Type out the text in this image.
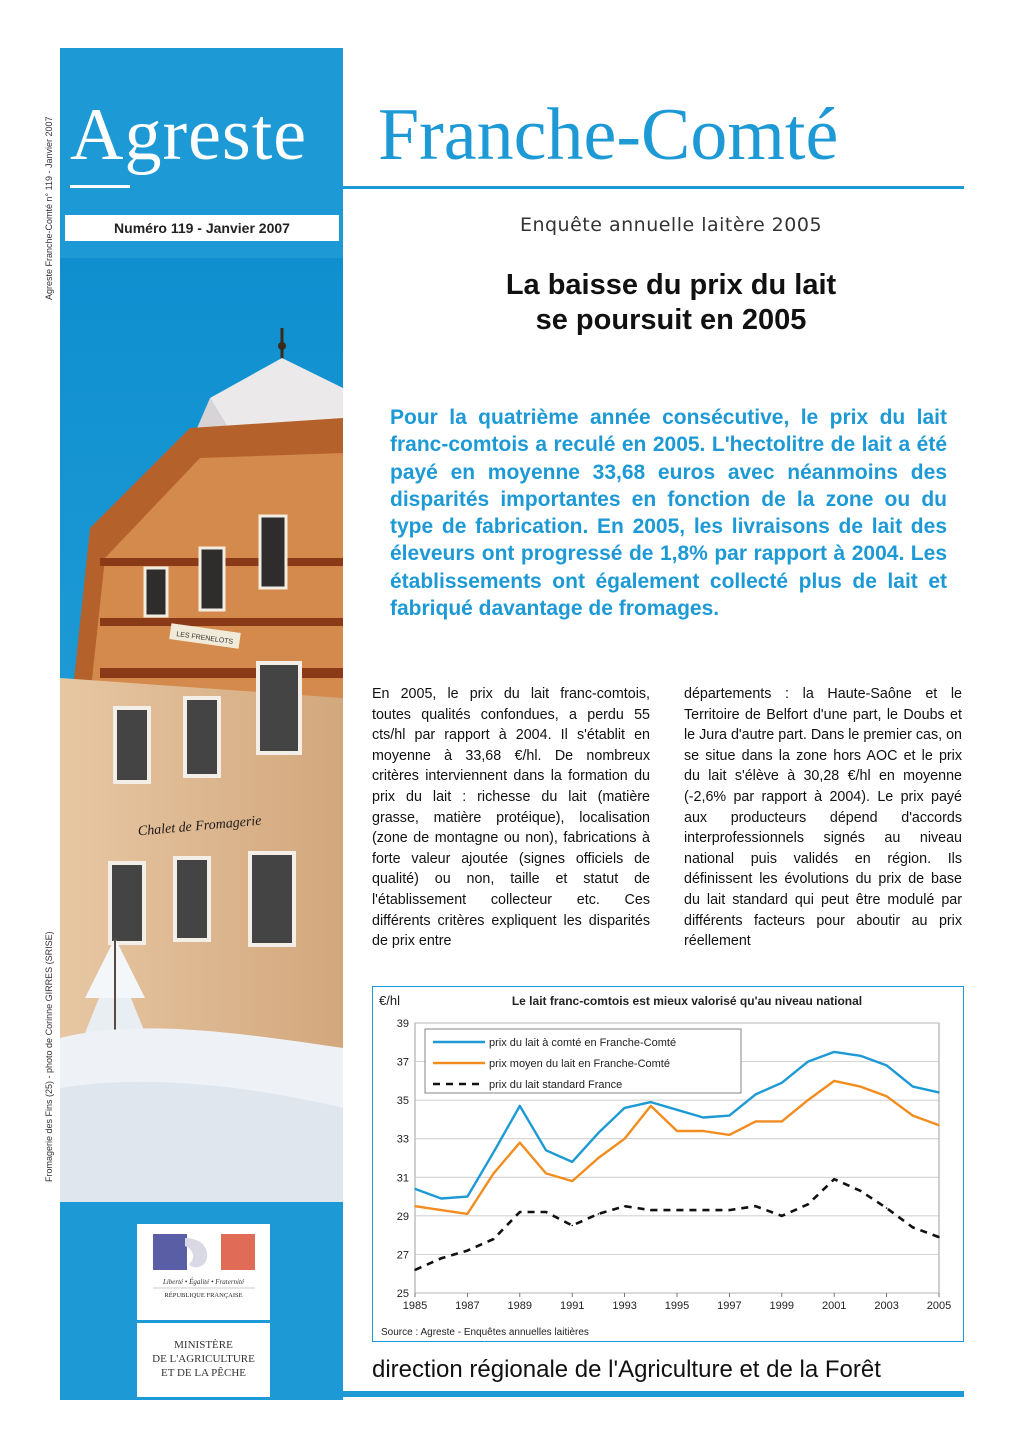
Agreste Franche-Comté n° 119 - Janvier 2007
Fromagerie des Fins (25) - photo de Corinne GIRRES (SRISE)
Agreste
Numéro 119 - Janvier 2007
LES FRENELOTS
Chalet de Fromagerie
Liberté • Égalité • Fraternité
RÉPUBLIQUE FRANÇAISE
MINISTÈRE
DE L'AGRICULTURE
ET DE LA PÊCHE
Franche-Comté
Enquête annuelle laitère 2005
La baisse du prix du lait
se poursuit en 2005
Pour la quatrième année consécutive, le prix du lait franc-comtois a reculé en 2005. L'hectolitre de lait a été payé en moyenne 33,68 euros avec néanmoins des disparités importantes en fonction de la zone ou du type de fabrication. En 2005, les livraisons de lait des éleveurs ont progressé de 1,8% par rapport à 2004. Les établissements ont également collecté plus de lait et fabriqué davantage de fromages.
En 2005, le prix du lait franc-comtois, toutes qualités confondues, a perdu 55 cts/hl par rapport à 2004. Il s'établit en moyenne à 33,68 €/hl. De nombreux critères interviennent dans la formation du prix du lait : richesse du lait (matière grasse, matière protéique), localisation (zone de montagne ou non), fabrications à forte valeur ajoutée (signes officiels de qualité) ou non, taille et statut de l'établissement collecteur etc. Ces différents critères expliquent les disparités de prix entre
départements : la Haute-Saône et le Territoire de Belfort d'une part, le Doubs et le Jura d'autre part. Dans le premier cas, on se situe dans la zone hors AOC et le prix du lait s'élève à 30,28 €/hl en moyenne (-2,6% par rapport à 2004). Le prix payé aux producteurs dépend d'accords interprofessionnels signés au niveau national puis validés en région. Ils définissent les évolutions du prix de base du lait standard qui peut être modulé par différents facteurs pour aboutir au prix réellement
€/hl	Le lait franc-comtois est mieux valorisé qu'au niveau national
25
27
29
31
33
35
37
39
1985	1987	1989	1991	1993	1995	1997	1999	2001	2003	2005
prix du lait à comté en Franche-Comté
prix moyen du lait en Franche-Comté
prix du lait standard France
Source : Agreste - Enquêtes annuelles laitières
direction régionale de l'Agriculture et de la Forêt
